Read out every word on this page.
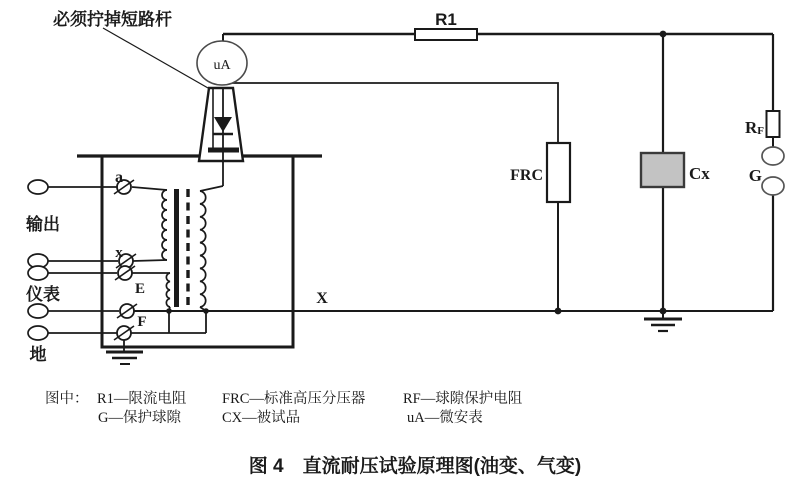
uA
必须拧掉短路杆	R1
FRC	Cx
RF
G
a
x
E
F
输出
仪表
地
X
图中： R1—限流电阻 FRC—标准高压分压器	RF—球隙保护电阻
G—保护球隙	CX—被试品	uA—微安表
图 4　直流耐压试验原理图(油变、气变)
